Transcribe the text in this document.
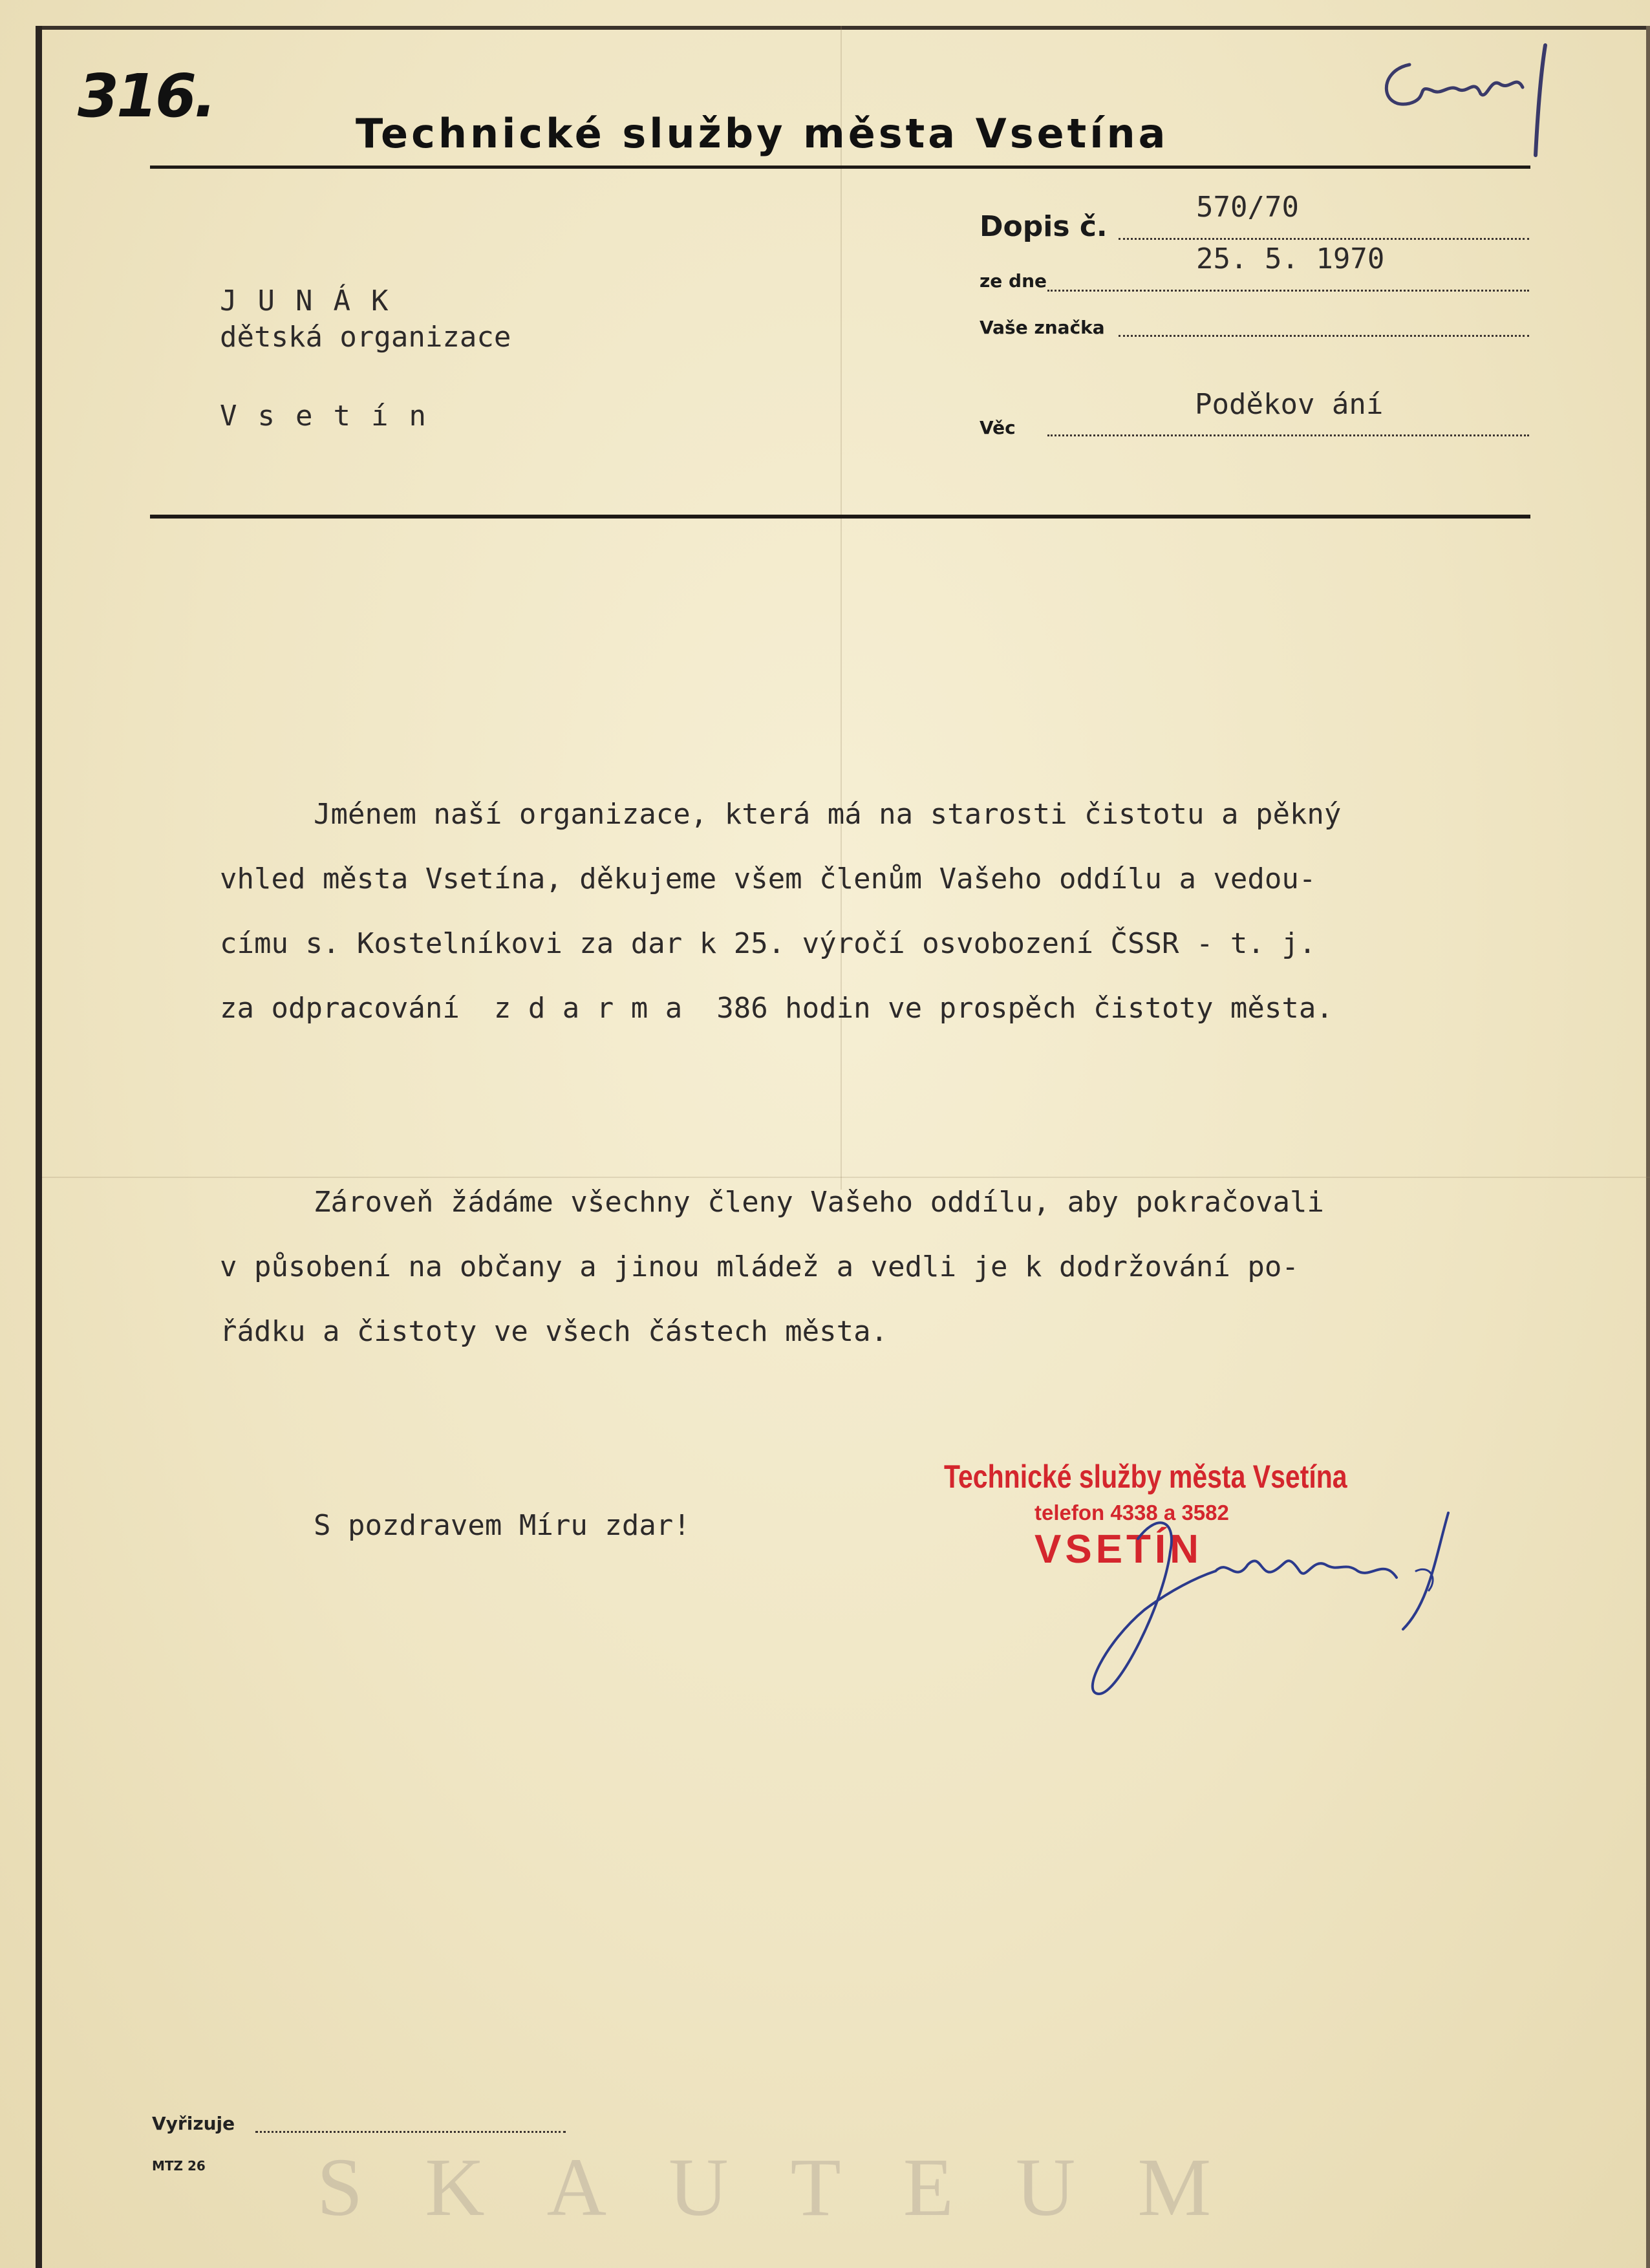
316.
Technické služby města Vsetína
Dopis č.
570/70
ze dne
25. 5. 1970
Vaše značka
Věc
Poděkov ání
JUNÁK
dětská organizace
Vsetín

Jménem naší organizace, která má na starosti čistotu a pěkný
vhled města Vsetína, děkujeme všem členům Vašeho oddílu a vedou-
címu s. Kostelníkovi za dar k 25. výročí osvobození ČSSR - t. j.
za odpracování  z d a r m a  386 hodin ve prospěch čistoty města.

Zároveň žádáme všechny členy Vašeho oddílu, aby pokračovali
v působení na občany a jinou mládež a vedli je k dodržování po-
řádku a čistoty ve všech částech města.

S pozdravem Míru zdar!

Technické služby města Vsetína
telefon 4338 a 3582
VSETÍN
Vyřizuje
MTZ 26 SKAUTEUM
